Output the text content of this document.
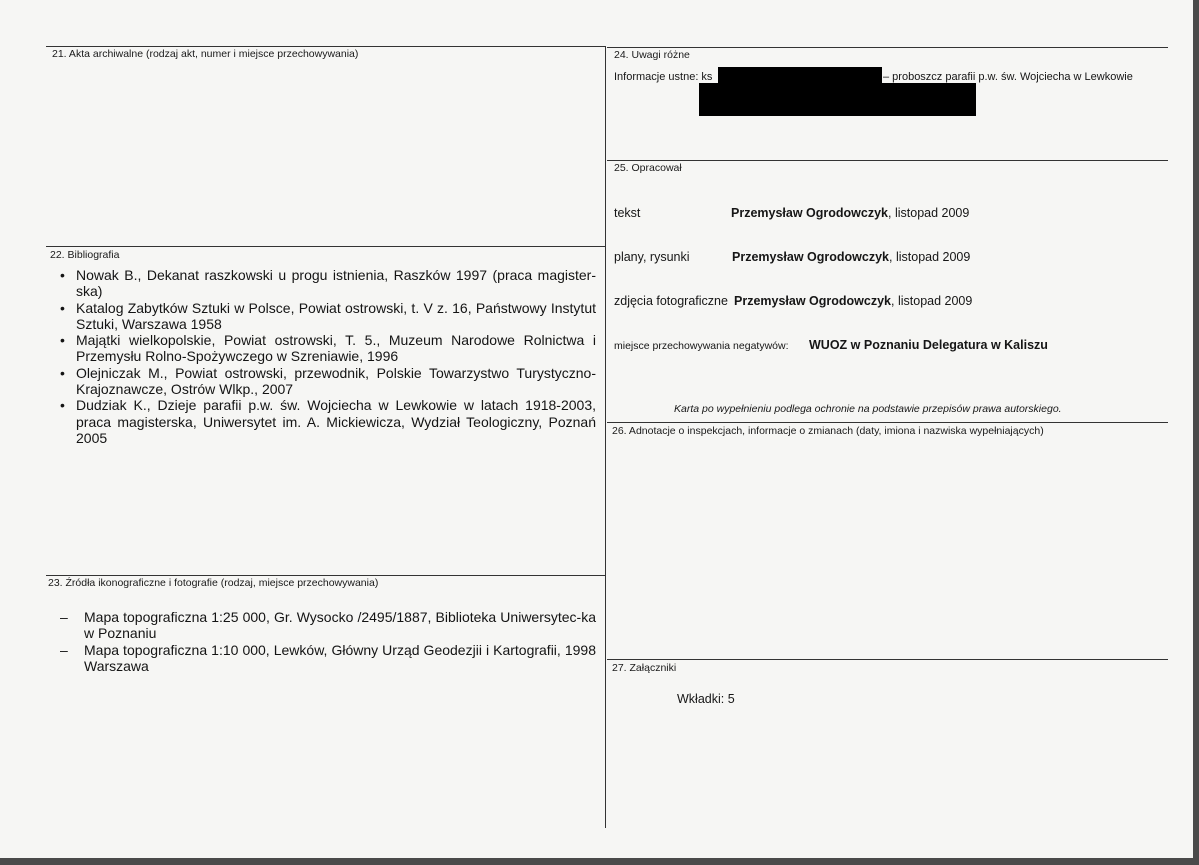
21. Akta archiwalne (rodzaj akt, numer i miejsce przechowywania)
22. Bibliografia
• Nowak B., Dekanat raszkowski u progu istnienia, Raszków 1997 (praca magister-ska)
• Katalog Zabytków Sztuki w Polsce, Powiat ostrowski, t. V z. 16, Państwowy Instytut Sztuki, Warszawa 1958
• Majątki wielkopolskie, Powiat ostrowski, T. 5., Muzeum Narodowe Rolnictwa i Przemysłu Rolno-Spożywczego w Szreniawie, 1996
• Olejniczak M., Powiat ostrowski, przewodnik, Polskie Towarzystwo Turystyczno-Krajoznawcze, Ostrów Wlkp., 2007
• Dudziak K., Dzieje parafii p.w. św. Wojciecha w Lewkowie w latach 1918-2003, praca magisterska, Uniwersytet im. A. Mickiewicza, Wydział Teologiczny, Poznań 2005
23. Źródła ikonograficzne i fotografie (rodzaj, miejsce przechowywania)
– Mapa topograficzna 1:25 000, Gr. Wysocko /2495/1887, Biblioteka Uniwersytec-ka w Poznaniu
– Mapa topograficzna 1:10 000, Lewków, Główny Urząd Geodezjii i Kartografii, 1998 Warszawa
24. Uwagi różne
Informacje ustne: ks	– proboszcz parafii p.w. św. Wojciecha w Lewkowie
25. Opracował
tekst	Przemysław Ogrodowczyk, listopad 2009
plany, rysunki	Przemysław Ogrodowczyk, listopad 2009
zdjęcia fotograficzne Przemysław Ogrodowczyk, listopad 2009
miejsce przechowywania negatywów: WUOZ w Poznaniu Delegatura w Kaliszu
Karta po wypełnieniu podlega ochronie na podstawie przepisów prawa autorskiego.
26. Adnotacje o inspekcjach, informacje o zmianach (daty, imiona i nazwiska wypełniających)
27. Załączniki
Wkładki: 5
